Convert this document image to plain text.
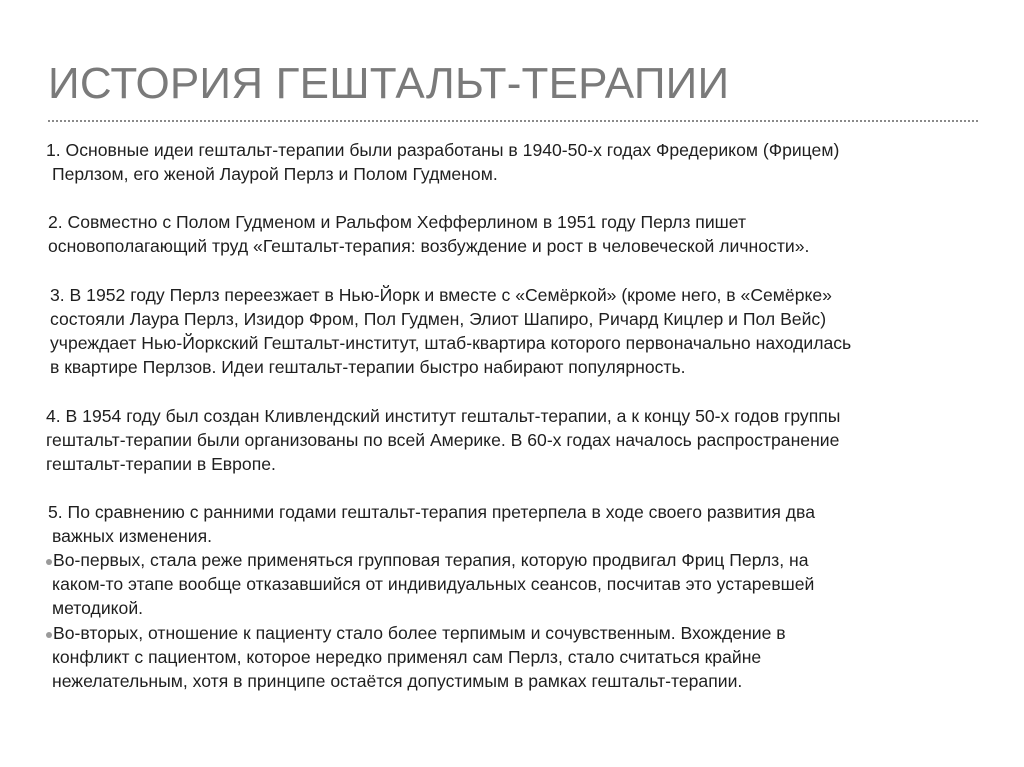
ИСТОРИЯ ГЕШТАЛЬТ-ТЕРАПИИ

1. Основные идеи гештальт-терапии были разработаны в 1940-50-х годах Фредериком (Фрицем)

Перлзом, его женой Лаурой Перлз и Полом Гудменом.

2. Совместно с Полом Гудменом и Ральфом Хефферлином в 1951 году Перлз пишет

основополагающий труд «Гештальт-терапия: возбуждение и рост в человеческой личности».

3. В 1952 году Перлз переезжает в Нью-Йорк и вместе с «Семёркой» (кроме него, в «Семёрке»

состояли Лаура Перлз, Изидор Фром, Пол Гудмен, Элиот Шапиро, Ричард Кицлер и Пол Вейс)

учреждает Нью-Йоркский Гештальт-институт, штаб-квартира которого первоначально находилась

в квартире Перлзов. Идеи гештальт-терапии быстро набирают популярность.

4. В 1954 году был создан Кливлендский институт гештальт-терапии, а к концу 50-х годов группы

гештальт-терапии были организованы по всей Америке. В 60-х годах началось распространение

гештальт-терапии в Европе.

5. По сравнению с ранними годами гештальт-терапия претерпела в ходе своего развития два

важных изменения.

Во-первых, стала реже применяться групповая терапия, которую продвигал Фриц Перлз, на

каком-то этапе вообще отказавшийся от индивидуальных сеансов, посчитав это устаревшей

методикой.

Во-вторых, отношение к пациенту стало более терпимым и сочувственным. Вхождение в

конфликт с пациентом, которое нередко применял сам Перлз, стало считаться крайне

нежелательным, хотя в принципе остаётся допустимым в рамках гештальт-терапии.
